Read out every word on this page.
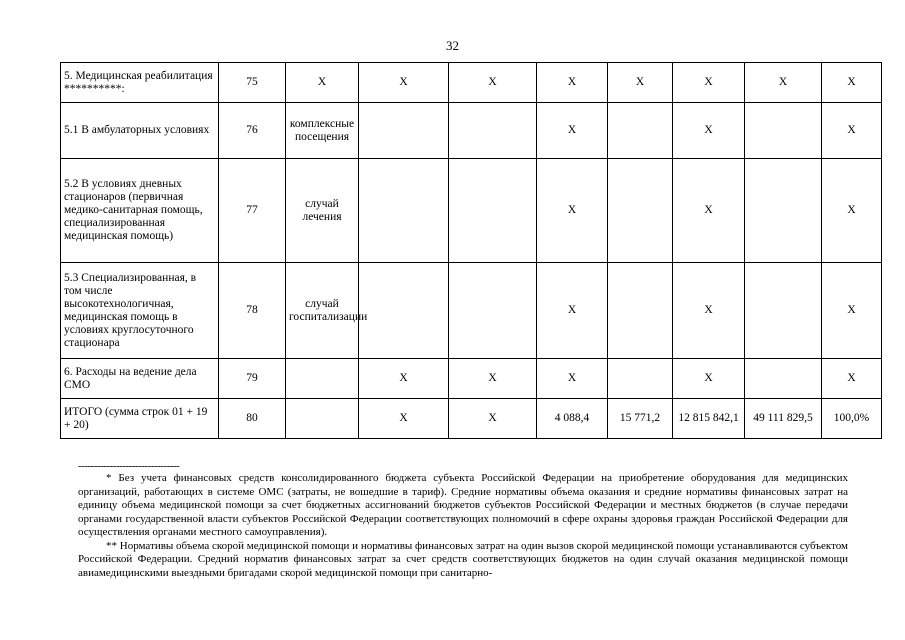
32
5. Медицинская реабилитация **********:	75	Х	Х	Х	Х	Х	Х	Х	Х
5.1 В амбулаторных условиях	76	комплексные посещения			Х		Х		Х
5.2 В условиях дневных стационаров (первичная медико-санитарная помощь, специализированная медицинская помощь)	77	случай лечения			Х		Х		Х
5.3 Специализированная, в том числе высокотехнологичная, медицинская помощь в условиях круглосуточного стационара	78	случай госпитализации			Х		Х		Х
6. Расходы на ведение дела СМО	79		Х	Х	Х		Х		Х
ИТОГО (сумма строк 01 + 19 + 20)	80		Х	Х	4 088,4	15 771,2	12 815 842,1	49 111 829,5	100,0%
--------------------------------

* Без учета финансовых средств консолидированного бюджета субъекта Российской Федерации на приобретение оборудования для медицинских организаций, работающих в системе ОМС (затраты, не вошедшие в тариф). Средние нормативы объема оказания и средние нормативы финансовых затрат на единицу объема медицинской помощи за счет бюджетных ассигнований бюджетов субъектов Российской Федерации и местных бюджетов (в случае передачи органами государственной власти субъектов Российской Федерации соответствующих полномочий в сфере охраны здоровья граждан Российской Федерации для осуществления органами местного самоуправления).

** Нормативы объема скорой медицинской помощи и нормативы финансовых затрат на один вызов скорой медицинской помощи устанавливаются субъектом Российской Федерации. Средний норматив финансовых затрат за счет средств соответствующих бюджетов на один случай оказания медицинской помощи авиамедицинскими выездными бригадами скорой медицинской помощи при санитарно-
